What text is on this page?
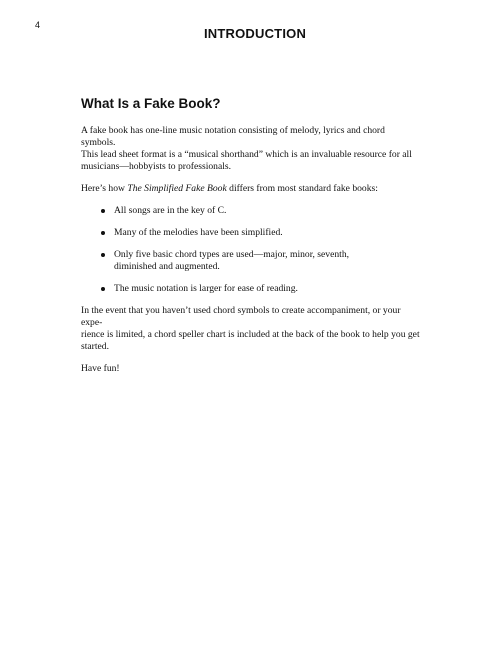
4
INTRODUCTION
What Is a Fake Book?

A fake book has one-line music notation consisting of melody, lyrics and chord symbols.
This lead sheet format is a “musical shorthand” which is an invaluable resource for all
musicians—hobbyists to professionals.

Here’s how The Simplified Fake Book differs from most standard fake books:

All songs are in the key of C.
Many of the melodies have been simplified.
Only five basic chord types are used—major, minor, seventh,
diminished and augmented.
The music notation is larger for ease of reading.

In the event that you haven’t used chord symbols to create accompaniment, or your expe-
rience is limited, a chord speller chart is included at the back of the book to help you get
started.

Have fun!
